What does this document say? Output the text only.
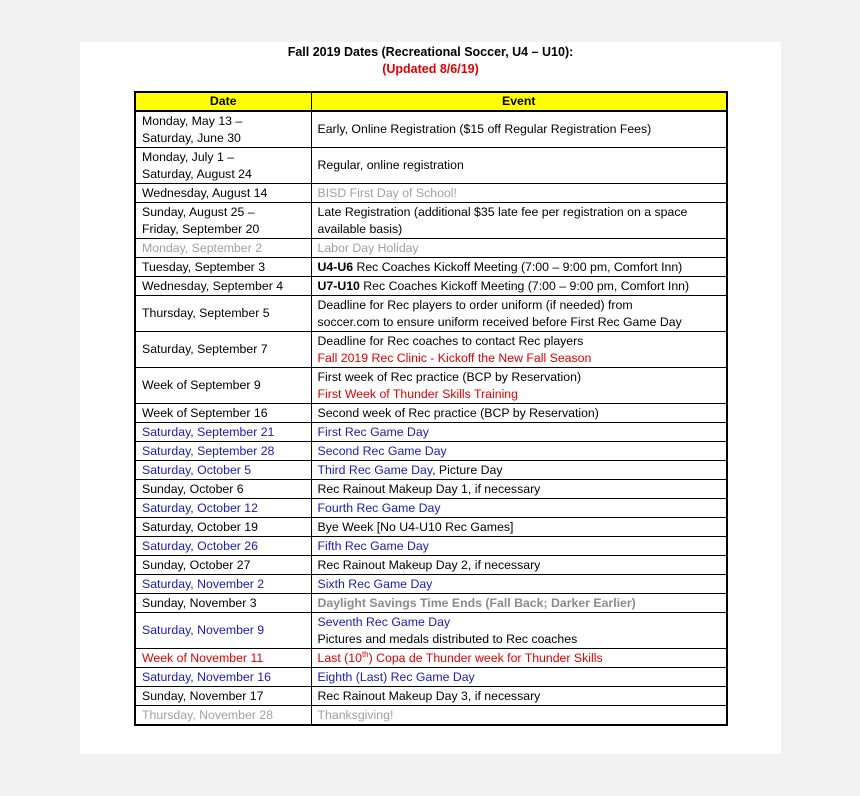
Fall 2019 Dates (Recreational Soccer, U4 – U10):
(Updated 8/6/19)
Date	Event
Monday, May 13 –
Saturday, June 30	Early, Online Registration ($15 off Regular Registration Fees)
Monday, July 1 –
Saturday, August 24	Regular, online registration
Wednesday, August 14	BISD First Day of School!
Sunday, August 25 –
Friday, September 20	Late Registration (additional $35 late fee per registration on a space
available basis)
Monday, September 2	Labor Day Holiday
Tuesday, September 3	U4-U6 Rec Coaches Kickoff Meeting (7:00 – 9:00 pm, Comfort Inn)
Wednesday, September 4	U7-U10 Rec Coaches Kickoff Meeting (7:00 – 9:00 pm, Comfort Inn)
Thursday, September 5	Deadline for Rec players to order uniform (if needed) from
soccer.com to ensure uniform received before First Rec Game Day
Saturday, September 7	Deadline for Rec coaches to contact Rec players
Fall 2019 Rec Clinic - Kickoff the New Fall Season
Week of September 9	First week of Rec practice (BCP by Reservation)
First Week of Thunder Skills Training
Week of September 16	Second week of Rec practice (BCP by Reservation)
Saturday, September 21	First Rec Game Day
Saturday, September 28	Second Rec Game Day
Saturday, October 5	Third Rec Game Day, Picture Day
Sunday, October 6	Rec Rainout Makeup Day 1, if necessary
Saturday, October 12	Fourth Rec Game Day
Saturday, October 19	Bye Week [No U4-U10 Rec Games]
Saturday, October 26	Fifth Rec Game Day
Sunday, October 27	Rec Rainout Makeup Day 2, if necessary
Saturday, November 2	Sixth Rec Game Day
Sunday, November 3	Daylight Savings Time Ends (Fall Back; Darker Earlier)
Saturday, November 9	Seventh Rec Game Day
Pictures and medals distributed to Rec coaches
Week of November 11	Last (10th) Copa de Thunder week for Thunder Skills
Saturday, November 16	Eighth (Last) Rec Game Day
Sunday, November 17	Rec Rainout Makeup Day 3, if necessary
Thursday, November 28	Thanksgiving!
